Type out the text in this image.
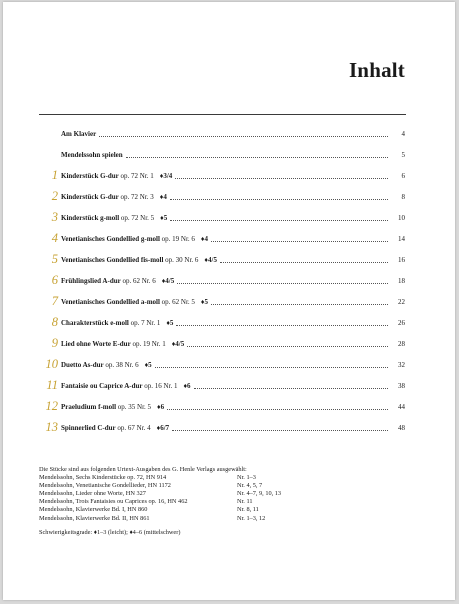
Inhalt
Am Klavier	4
Mendelssohn spielen	5
1 Kinderstück G-dur op. 72 Nr. 1 ♦3/4	6
2 Kinderstück G-dur op. 72 Nr. 3 ♦4	8
3 Kinderstück g-moll op. 72 Nr. 5 ♦5	10
4 Venetianisches Gondellied g-moll op. 19 Nr. 6 ♦4	14
5 Venetianisches Gondellied fis-moll op. 30 Nr. 6 ♦4/5	16
6 Frühlingslied A-dur op. 62 Nr. 6 ♦4/5	18
7 Venetianisches Gondellied a-moll op. 62 Nr. 5 ♦5	22
8 Charakterstück e-moll op. 7 Nr. 1 ♦5	26
9 Lied ohne Worte E-dur op. 19 Nr. 1 ♦4/5	28
10 Duetto As-dur op. 38 Nr. 6 ♦5	32
11 Fantaisie ou Caprice A-dur op. 16 Nr. 1 ♦6	38
12 Praeludium f-moll op. 35 Nr. 5 ♦6	44
13 Spinnerlied C-dur op. 67 Nr. 4 ♦6/7	48
Die Stücke sind aus folgenden Urtext-Ausgaben des G. Henle Verlags ausgewählt:
Mendelssohn, Sechs Kinderstücke op. 72, HN 914	Nr. 1–3
Mendelssohn, Venetianische Gondellieder, HN 1172	Nr. 4, 5, 7
Mendelssohn, Lieder ohne Worte, HN 327	Nr. 4–7, 9, 10, 13
Mendelssohn, Trois Fantaisies ou Caprices op. 16, HN 462	Nr. 11
Mendelssohn, Klavierwerke Bd. I, HN 860	Nr. 8, 11
Mendelssohn, Klavierwerke Bd. II, HN 861	Nr. 1–3, 12
Schwierigkeitsgrade: ♦1–3 (leicht); ♦4–6 (mittelschwer)
